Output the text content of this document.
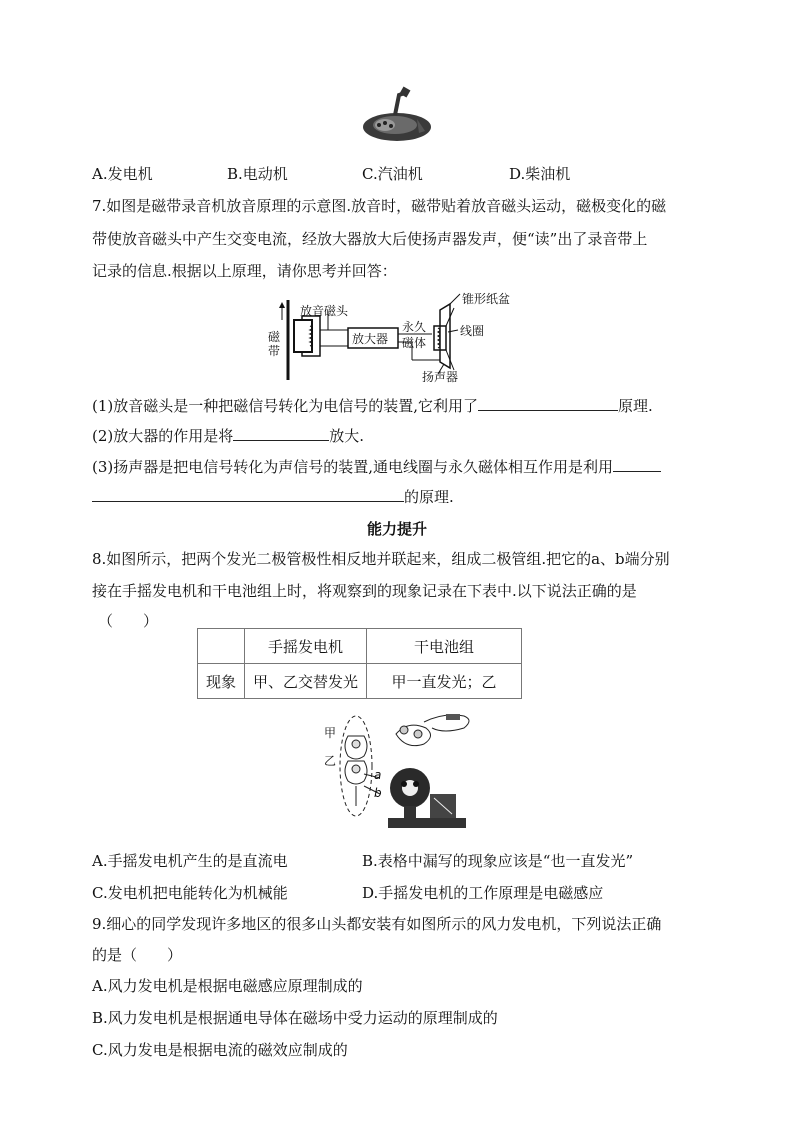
A.发电机	B.电动机	C.汽油机	D.柴油机
7.如图是磁带录音机放音原理的示意图.放音时，磁带贴着放音磁头运动，磁极变化的磁
带使放音磁头中产生交变电流，经放大器放大后使扬声器发声，便“读”出了录音带上
记录的信息.根据以上原理，请你思考并回答：
磁带
放音磁头
放大器
永久
磁体
锥形纸盆
线圈
扬声器
(1)放音磁头是一种把磁信号转化为电信号的装置,它利用了	原理.
(2)放大器的作用是将	放大.
(3)扬声器是把电信号转化为声信号的装置,通电线圈与永久磁体相互作用是利用
的原理.
能力提升
8.如图所示，把两个发光二极管极性相反地并联起来，组成二极管组.把它的a、b端分别
接在手摇发电机和干电池组上时，将观察到的现象记录在下表中.以下说法正确的是
（　　）
	手摇发电机	干电池组
现象	甲、乙交替发光	甲一直发光；乙
甲
乙
a
b
A.手摇发电机产生的是直流电	B.表格中漏写的现象应该是“也一直发光”
C.发电机把电能转化为机械能	D.手摇发电机的工作原理是电磁感应
9.细心的同学发现许多地区的很多山头都安装有如图所示的风力发电机，下列说法正确
的是（　　）
A.风力发电机是根据电磁感应原理制成的
B.风力发电机是根据通电导体在磁场中受力运动的原理制成的
C.风力发电是根据电流的磁效应制成的
